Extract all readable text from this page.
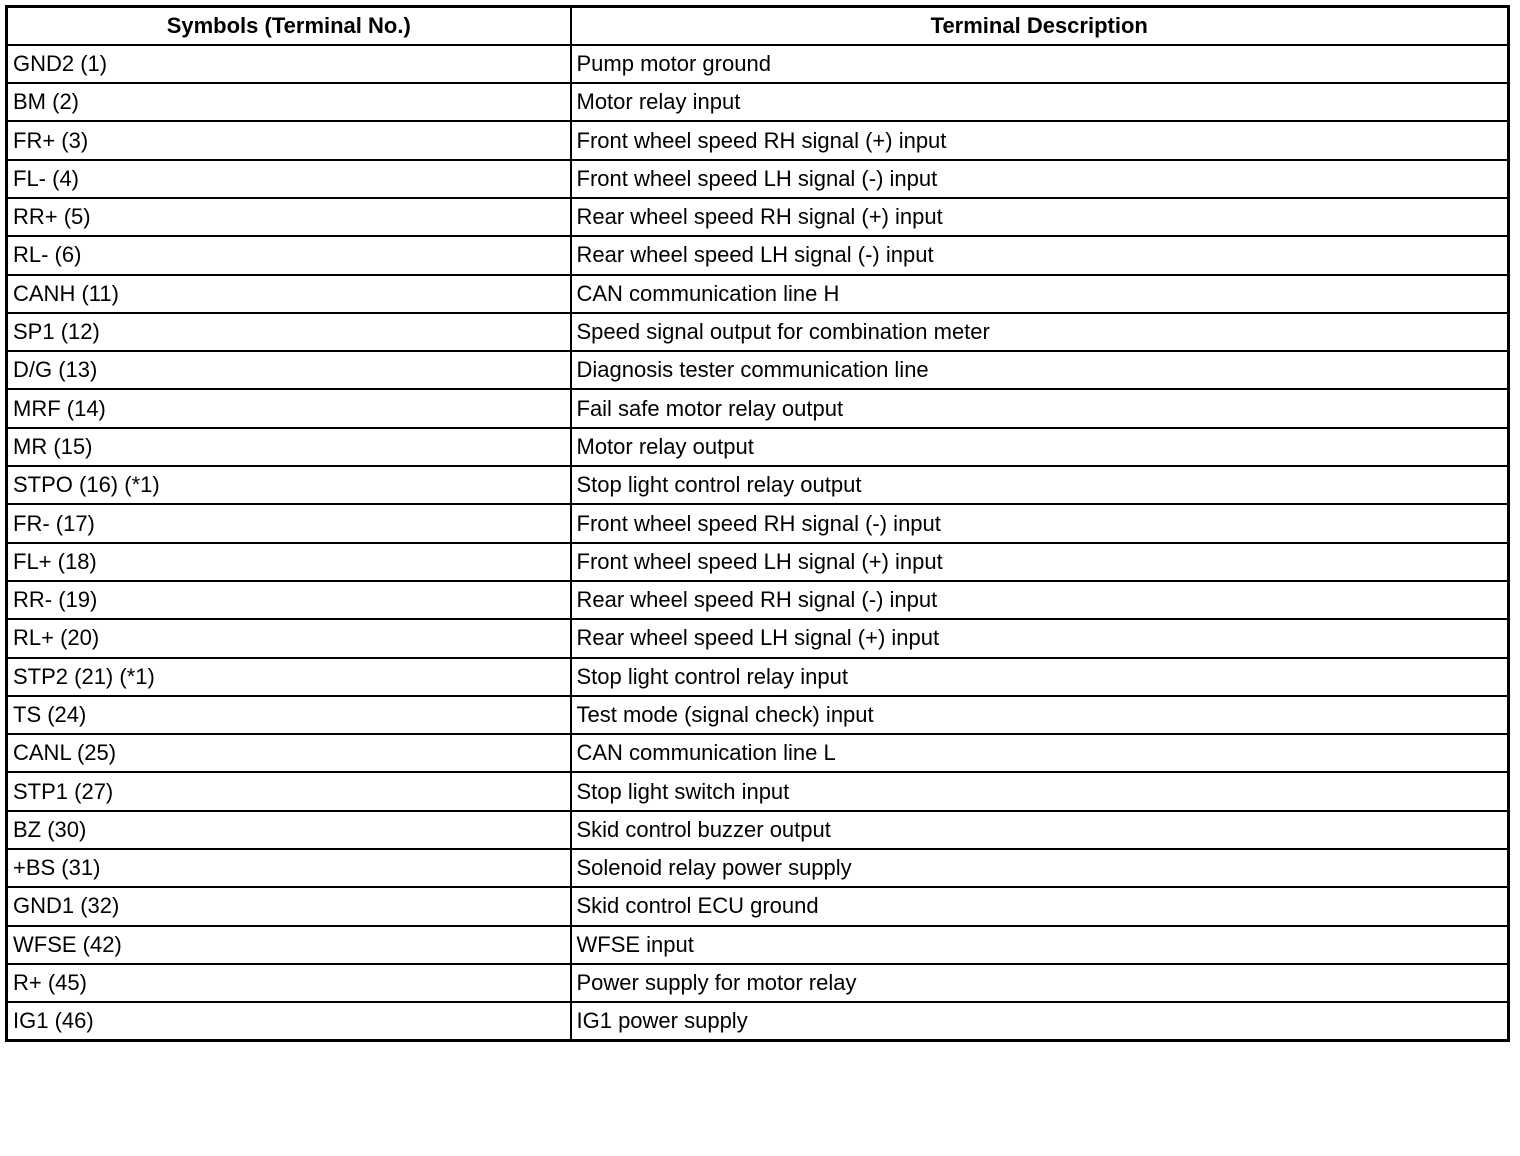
Symbols (Terminal No.)	Terminal Description
GND2 (1)	Pump motor ground
BM (2)	Motor relay input
FR+ (3)	Front wheel speed RH signal (+) input
FL- (4)	Front wheel speed LH signal (-) input
RR+ (5)	Rear wheel speed RH signal (+) input
RL- (6)	Rear wheel speed LH signal (-) input
CANH (11)	CAN communication line H
SP1 (12)	Speed signal output for combination meter
D/G (13)	Diagnosis tester communication line
MRF (14)	Fail safe motor relay output
MR (15)	Motor relay output
STPO (16) (*1)	Stop light control relay output
FR- (17)	Front wheel speed RH signal (-) input
FL+ (18)	Front wheel speed LH signal (+) input
RR- (19)	Rear wheel speed RH signal (-) input
RL+ (20)	Rear wheel speed LH signal (+) input
STP2 (21) (*1)	Stop light control relay input
TS (24)	Test mode (signal check) input
CANL (25)	CAN communication line L
STP1 (27)	Stop light switch input
BZ (30)	Skid control buzzer output
+BS (31)	Solenoid relay power supply
GND1 (32)	Skid control ECU ground
WFSE (42)	WFSE input
R+ (45)	Power supply for motor relay
IG1 (46)	IG1 power supply
